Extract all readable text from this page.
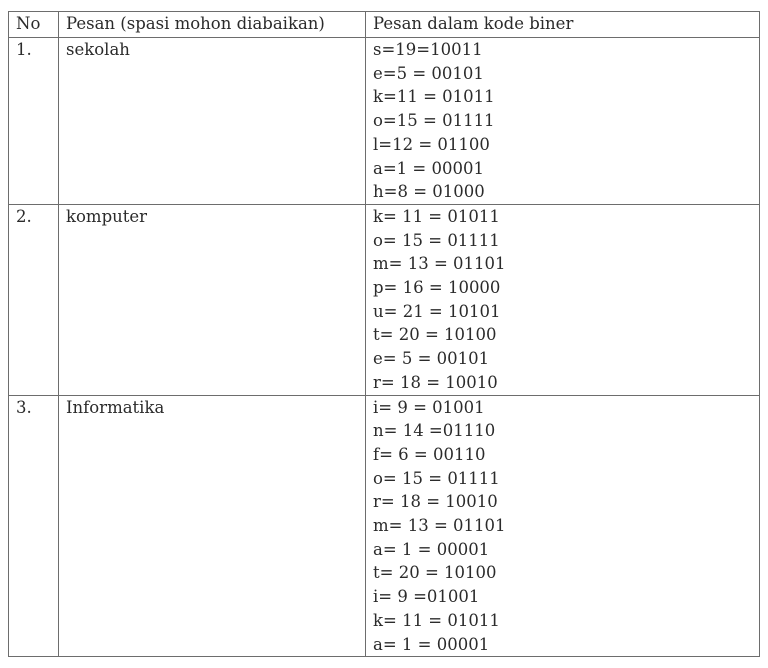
No	Pesan (spasi mohon diabaikan)	Pesan dalam kode biner
1.	sekolah	s=19=10011
e=5 = 00101
k=11 = 01011
o=15 = 01111
l=12 = 01100
a=1 = 00001
h=8 = 01000

2.	komputer	k= 11 = 01011
o= 15 = 01111
m= 13 = 01101
p= 16 = 10000
u= 21 = 10101
t= 20 = 10100
e= 5 = 00101
r= 18 = 10010

3.	Informatika	i= 9 = 01001
n= 14 =01110
f= 6 = 00110
o= 15 = 01111
r= 18 = 10010
m= 13 = 01101
a= 1 = 00001
t= 20 = 10100
i= 9 =01001
k= 11 = 01011
a= 1 = 00001
